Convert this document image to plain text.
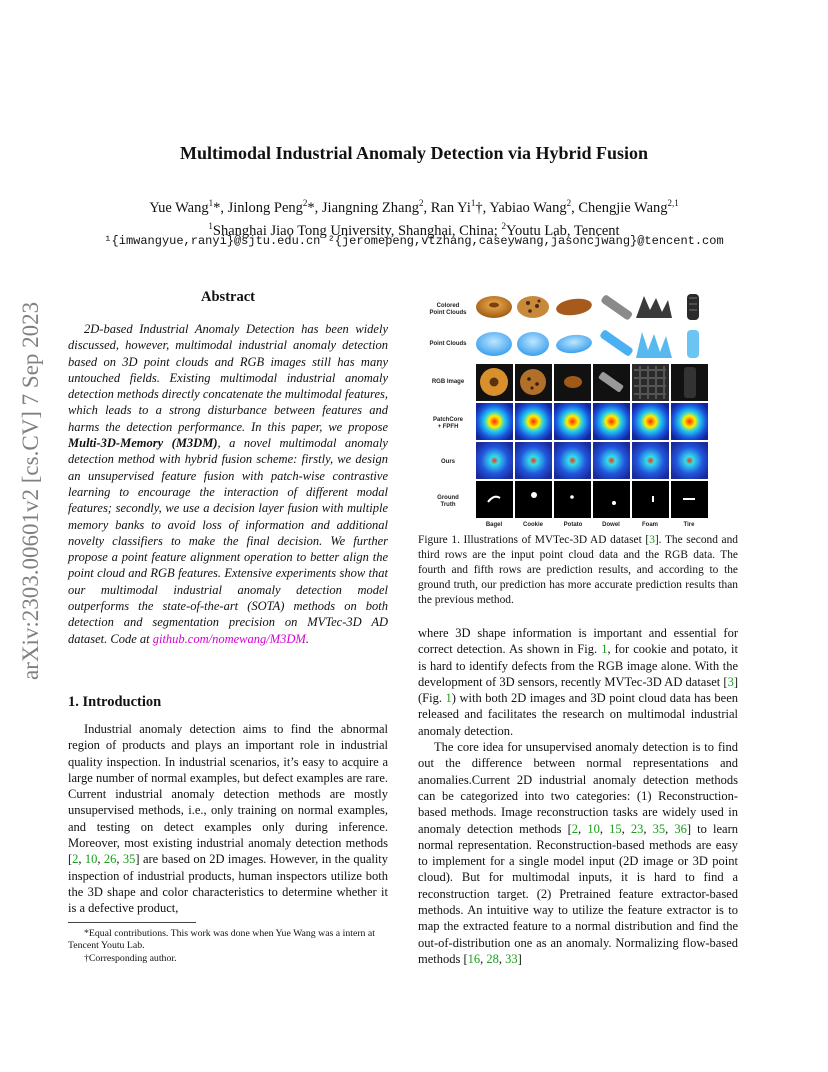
arXiv:2303.00601v2 [cs.CV] 7 Sep 2023
Multimodal Industrial Anomaly Detection via Hybrid Fusion
Yue Wang$^1$*, Jinlong Peng$^2$*, Jiangning Zhang$^2$, Ran Yi$^1$†, Yabiao Wang$^2$, Chengjie Wang$^{2,1}$
$^1$Shanghai Jiao Tong University, Shanghai, China; $^2$Youtu Lab, Tencent
¹{imwangyue,ranyi}@sjtu.edu.cn ²{jeromepeng,vtzhang,caseywang,jasoncjwang}@tencent.com
Abstract
2D-based Industrial Anomaly Detection has been widely discussed, however, multimodal industrial anomaly detection based on 3D point clouds and RGB images still has many untouched fields. Existing multimodal industrial anomaly detection methods directly concatenate the multimodal features, which leads to a strong disturbance between features and harms the detection performance. In this paper, we propose Multi-3D-Memory (M3DM), a novel multimodal anomaly detection method with hybrid fusion scheme: firstly, we design an unsupervised feature fusion with patch-wise contrastive learning to encourage the interaction of different modal features; secondly, we use a decision layer fusion with multiple memory banks to avoid loss of information and additional novelty classifiers to make the final decision. We further propose a point feature alignment operation to better align the point cloud and RGB features. Extensive experiments show that our multimodal industrial anomaly detection model outperforms the state-of-the-art (SOTA) methods on both detection and segmentation precision on MVTec-3D AD dataset. Code at github.com/nomewang/M3DM.
1. Introduction
Industrial anomaly detection aims to find the abnormal region of products and plays an important role in industrial quality inspection. In industrial scenarios, it’s easy to acquire a large number of normal examples, but defect examples are rare. Current industrial anomaly detection methods are mostly unsupervised methods, i.e., only training on normal examples, and testing on detect examples only during inference. Moreover, most existing industrial anomaly detection methods [2, 10, 26, 35] are based on 2D images. However, in the quality inspection of industrial products, human inspectors utilize both the 3D shape and color characteristics to determine whether it is a defective product,
*Equal contributions. This work was done when Yue Wang was a intern at Tencent Youtu Lab.
†Corresponding author.
Colored
Point Clouds
Point Clouds
RGB Image
PatchCore
+ FPFH
Ours
Ground
Truth
Bagel	Cookie	Potato	Dowel	Foam	Tire
Figure 1. Illustrations of MVTec-3D AD dataset [3]. The second and third rows are the input point cloud data and the RGB data. The fourth and fifth rows are prediction results, and according to the ground truth, our prediction has more accurate prediction results than the previous method.
where 3D shape information is important and essential for correct detection. As shown in Fig. 1, for cookie and potato, it is hard to identify defects from the RGB image alone. With the development of 3D sensors, recently MVTec-3D AD dataset [3] (Fig. 1) with both 2D images and 3D point cloud data has been released and facilitates the research on multimodal industrial anomaly detection.
The core idea for unsupervised anomaly detection is to find out the difference between normal representations and anomalies.Current 2D industrial anomaly detection methods can be categorized into two categories: (1) Reconstruction-based methods. Image reconstruction tasks are widely used in anomaly detection methods [2, 10, 15, 23, 35, 36] to learn normal representation. Reconstruction-based methods are easy to implement for a single model input (2D image or 3D point cloud). But for multimodal inputs, it is hard to find a reconstruction target. (2) Pretrained feature extractor-based methods. An intuitive way to utilize the feature extractor is to map the extracted feature to a normal distribution and find the out-of-distribution one as an anomaly. Normalizing flow-based methods [16, 28, 33]
